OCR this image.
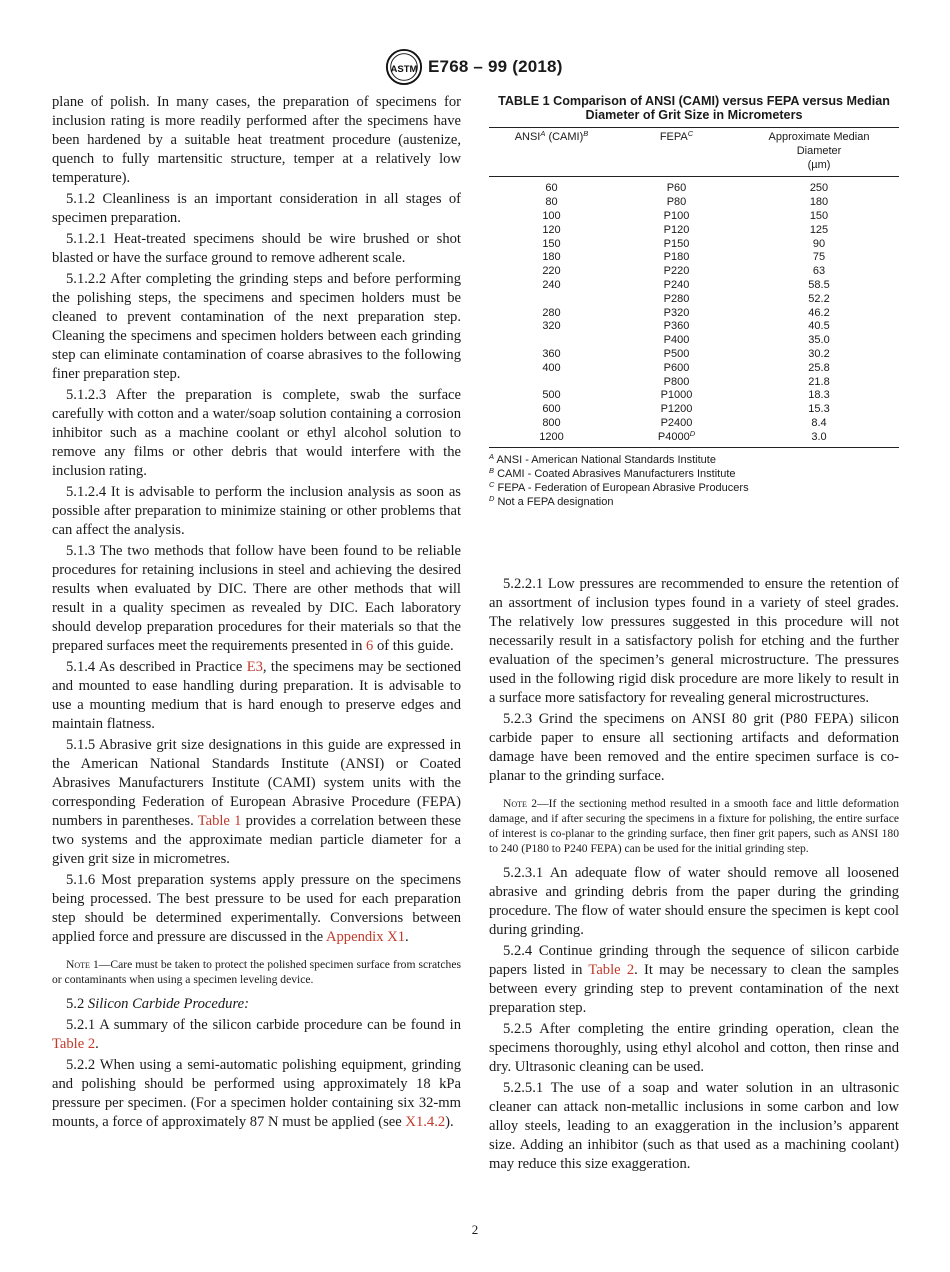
ASTM E768 – 99 (2018)

plane of polish. In many cases, the preparation of specimens for inclusion rating is more readily performed after the specimens have been hardened by a suitable heat treatment procedure (austenize, quench to fully martensitic structure, temper at a relatively low temperature).

5.1.2 Cleanliness is an important consideration in all stages of specimen preparation.

5.1.2.1 Heat-treated specimens should be wire brushed or shot blasted or have the surface ground to remove adherent scale.

5.1.2.2 After completing the grinding steps and before performing the polishing steps, the specimens and specimen holders must be cleaned to prevent contamination of the next preparation step. Cleaning the specimens and specimen holders between each grinding step can eliminate contamination of coarse abrasives to the following finer preparation step.

5.1.2.3 After the preparation is complete, swab the surface carefully with cotton and a water/soap solution containing a corrosion inhibitor such as a machine coolant or ethyl alcohol solution to remove any films or other debris that would interfere with the inclusion rating.

5.1.2.4 It is advisable to perform the inclusion analysis as soon as possible after preparation to minimize staining or other problems that can affect the analysis.

5.1.3 The two methods that follow have been found to be reliable procedures for retaining inclusions in steel and achieving the desired results when evaluated by DIC. There are other methods that will result in a quality specimen as revealed by DIC. Each laboratory should develop preparation procedures for their materials so that the prepared surfaces meet the requirements presented in 6 of this guide.

5.1.4 As described in Practice E3, the specimens may be sectioned and mounted to ease handling during preparation. It is advisable to use a mounting medium that is hard enough to preserve edges and maintain flatness.

5.1.5 Abrasive grit size designations in this guide are expressed in the American National Standards Institute (ANSI) or Coated Abrasives Manufacturers Institute (CAMI) system units with the corresponding Federation of European Abrasive Procedure (FEPA) numbers in parentheses. Table 1 provides a correlation between these two systems and the approximate median particle diameter for a given grit size in micrometres.

5.1.6 Most preparation systems apply pressure on the specimens being processed. The best pressure to be used for each preparation step should be determined experimentally. Conversions between applied force and pressure are discussed in the Appendix X1.

Note 1—Care must be taken to protect the polished specimen surface from scratches or contaminants when using a specimen leveling device.

5.2 Silicon Carbide Procedure:

5.2.1 A summary of the silicon carbide procedure can be found in Table 2.

5.2.2 When using a semi-automatic polishing equipment, grinding and polishing should be performed using approximately 18 kPa pressure per specimen. (For a specimen holder containing six 32-mm mounts, a force of approximately 87 N must be applied (see X1.4.2).

TABLE 1 Comparison of ANSI (CAMI) versus FEPA versus Median Diameter of Grit Size in Micrometers
$ANSI^A$ (CAMI)$^B$	$FEPA^C$	Approximate Median
Diameter
(µm)
60	P60	250
80	P80	180
100	P100	150
120	P120	125
150	P150	90
180	P180	75
220	P220	63
240	P240	58.5
	P280	52.2
280	P320	46.2
320	P360	40.5
	P400	35.0
360	P500	30.2
400	P600	25.8
	P800	21.8
500	P1000	18.3
600	P1200	15.3
800	P2400	8.4
1200	$P4000^D$	3.0
$^A$ ANSI - American National Standards Institute
$^B$ CAMI - Coated Abrasives Manufacturers Institute
$^C$ FEPA - Federation of European Abrasive Producers
$^D$ Not a FEPA designation

5.2.2.1 Low pressures are recommended to ensure the retention of an assortment of inclusion types found in a variety of steel grades. The relatively low pressures suggested in this procedure will not necessarily result in a satisfactory polish for etching and the further evaluation of the specimen’s general microstructure. The pressures used in the following rigid disk procedure are more likely to result in a surface more satisfactory for revealing general microstructures.

5.2.3 Grind the specimens on ANSI 80 grit (P80 FEPA) silicon carbide paper to ensure all sectioning artifacts and deformation damage have been removed and the entire specimen surface is co-planar to the grinding surface.

Note 2—If the sectioning method resulted in a smooth face and little deformation damage, and if after securing the specimens in a fixture for polishing, the entire surface of interest is co-planar to the grinding surface, then finer grit papers, such as ANSI 180 to 240 (P180 to P240 FEPA) can be used for the initial grinding step.

5.2.3.1 An adequate flow of water should remove all loosened abrasive and grinding debris from the paper during the grinding procedure. The flow of water should ensure the specimen is kept cool during grinding.

5.2.4 Continue grinding through the sequence of silicon carbide papers listed in Table 2. It may be necessary to clean the samples between every grinding step to prevent contamination of the next preparation step.

5.2.5 After completing the entire grinding operation, clean the specimens thoroughly, using ethyl alcohol and cotton, then rinse and dry. Ultrasonic cleaning can be used.

5.2.5.1 The use of a soap and water solution in an ultrasonic cleaner can attack non-metallic inclusions in some carbon and low alloy steels, leading to an exaggeration in the inclusion’s apparent size. Adding an inhibitor (such as that used as a machining coolant) may reduce this size exaggeration.

2
